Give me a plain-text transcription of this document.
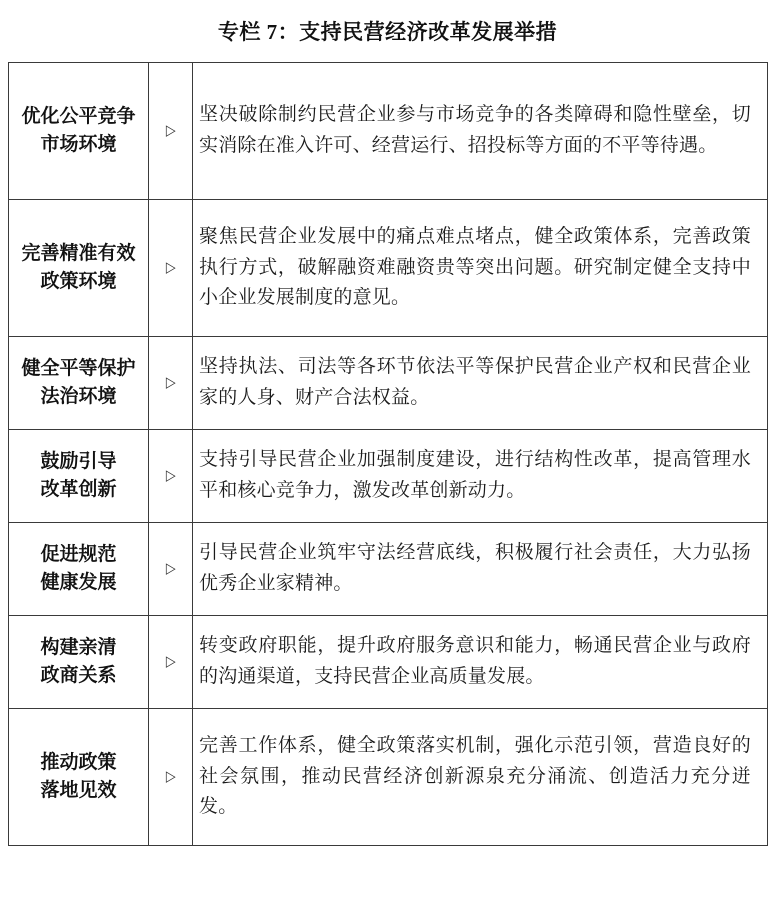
专栏 7：支持民营经济改革发展举措
优化公平竞争
市场环境	▷	坚决破除制约民营企业参与市场竞争的各类障碍和隐性壁垒，切实消除在准入许可、经营运行、招投标等方面的不平等待遇。

完善精准有效
政策环境	▷	聚焦民营企业发展中的痛点难点堵点，健全政策体系，完善政策执行方式，破解融资难融资贵等突出问题。研究制定健全支持中小企业发展制度的意见。

健全平等保护
法治环境	▷	坚持执法、司法等各环节依法平等保护民营企业产权和民营企业家的人身、财产合法权益。

鼓励引导
改革创新	▷	支持引导民营企业加强制度建设，进行结构性改革，提高管理水平和核心竞争力，激发改革创新动力。

促进规范
健康发展	▷	引导民营企业筑牢守法经营底线，积极履行社会责任，大力弘扬优秀企业家精神。

构建亲清
政商关系	▷	转变政府职能，提升政府服务意识和能力，畅通民营企业与政府的沟通渠道，支持民营企业高质量发展。

推动政策
落地见效	▷	完善工作体系，健全政策落实机制，强化示范引领，营造良好的社会氛围，推动民营经济创新源泉充分涌流、创造活力充分迸发。
